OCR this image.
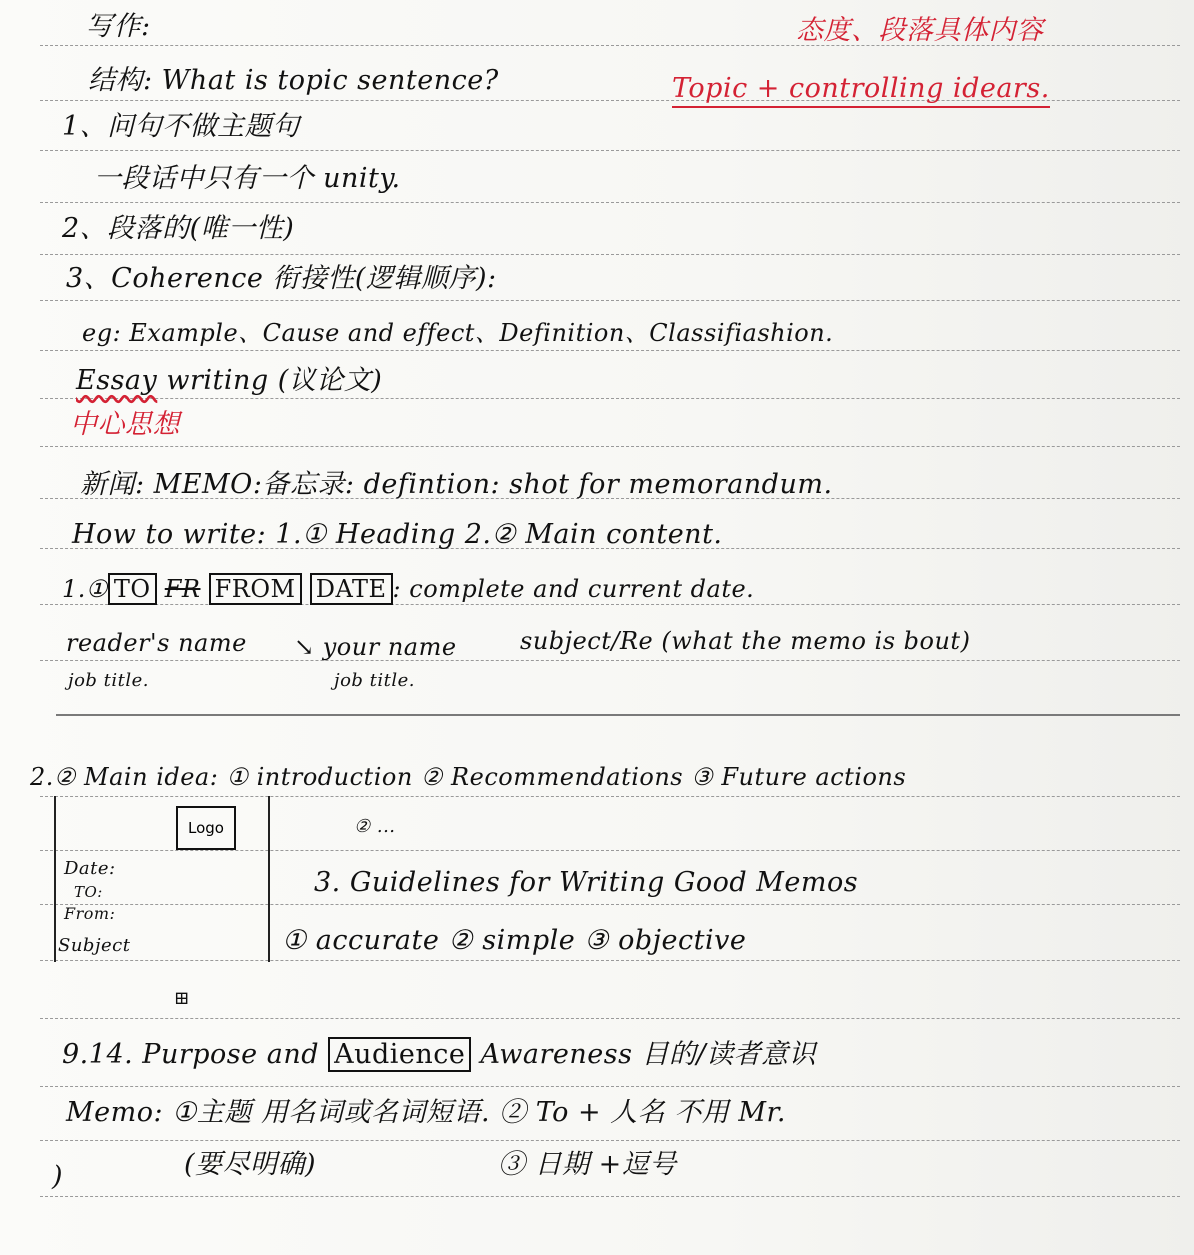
写作:	态度、段落具体内容
结构: What is topic sentence?	Topic + controlling idears.
1、问句不做主题句
一段话中只有一个 unity.
2、段落的(唯一性)
3、Coherence 衔接性(逻辑顺序):
eg: Example、Cause and effect、Definition、Classifiashion.
Essay writing (议论文)
中心思想
新闻: MEMO:备忘录: defintion: shot for memorandum.
How to write: 1.① Heading 2.② Main content.
1.① TO FR FROM DATE : complete and current date.
reader's name ↘ your name	subject/Re (what the memo is bout)
job title.	job title.
2.② Main idea: ① introduction ② Recommendations ③ Future actions
② ...
Logo
Date:
TO:
From:
Subject
⊞
3. Guidelines for Writing Good Memos
① accurate ② simple ③ objective
9.14. Purpose and Audience Awareness 目的/读者意识
Memo: ①主题 用名词或名词短语. ② To + 人名 不用 Mr.
)	(要尽明确)	③ 日期 +逗号
